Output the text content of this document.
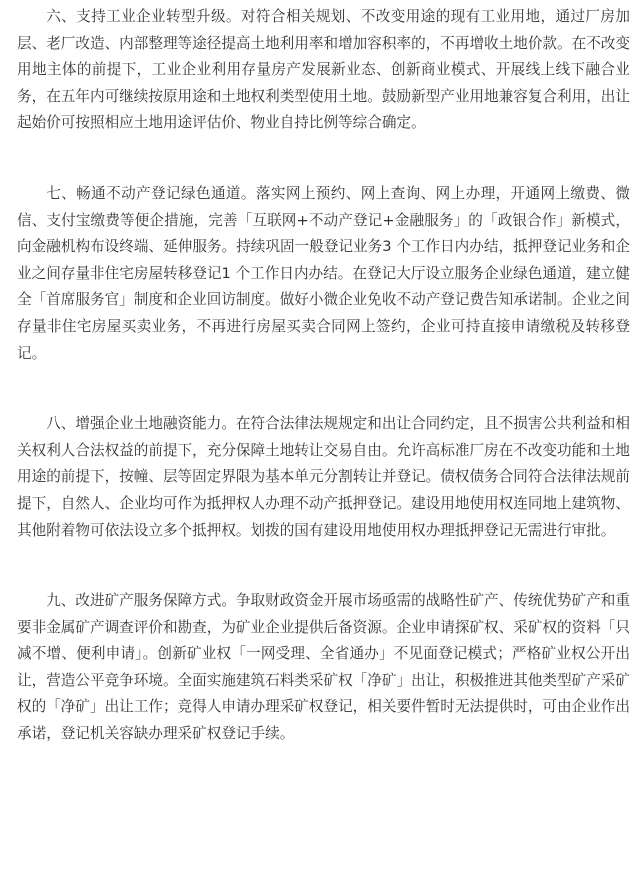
六、支持工业企业转型升级。对符合相关规划、不改变用途的现有工业用地，通过厂房加层、老厂改造、内部整理等途径提高土地利用率和增加容积率的，不再增收土地价款。在不改变用地主体的前提下，工业企业利用存量房产发展新业态、创新商业模式、开展线上线下融合业务，在五年内可继续按原用途和土地权利类型使用土地。鼓励新型产业用地兼容复合利用，出让起始价可按照相应土地用途评估价、物业自持比例等综合确定。

七、畅通不动产登记绿色通道。落实网上预约、网上查询、网上办理，开通网上缴费、微信、支付宝缴费等便企措施，完善「互联网+不动产登记+金融服务」的「政银合作」新模式，向金融机构布设终端、延伸服务。持续巩固一般登记业务3 个工作日内办结，抵押登记业务和企业之间存量非住宅房屋转移登记1 个工作日内办结。在登记大厅设立服务企业绿色通道，建立健全「首席服务官」制度和企业回访制度。做好小微企业免收不动产登记费告知承诺制。企业之间存量非住宅房屋买卖业务，不再进行房屋买卖合同网上签约，企业可持直接申请缴税及转移登记。

八、增强企业土地融资能力。在符合法律法规规定和出让合同约定，且不损害公共利益和相关权利人合法权益的前提下，充分保障土地转让交易自由。允许高标准厂房在不改变功能和土地用途的前提下，按幢、层等固定界限为基本单元分割转让并登记。债权债务合同符合法律法规前提下，自然人、企业均可作为抵押权人办理不动产抵押登记。建设用地使用权连同地上建筑物、其他附着物可依法设立多个抵押权。划拨的国有建设用地使用权办理抵押登记无需进行审批。

九、改进矿产服务保障方式。争取财政资金开展市场亟需的战略性矿产、传统优势矿产和重要非金属矿产调查评价和勘查，为矿业企业提供后备资源。企业申请探矿权、采矿权的资料「只减不增、便利申请」。创新矿业权「一网受理、全省通办」不见面登记模式；严格矿业权公开出让，营造公平竞争环境。全面实施建筑石料类采矿权「净矿」出让，积极推进其他类型矿产采矿权的「净矿」出让工作；竞得人申请办理采矿权登记，相关要件暂时无法提供时，可由企业作出承诺，登记机关容缺办理采矿权登记手续。
